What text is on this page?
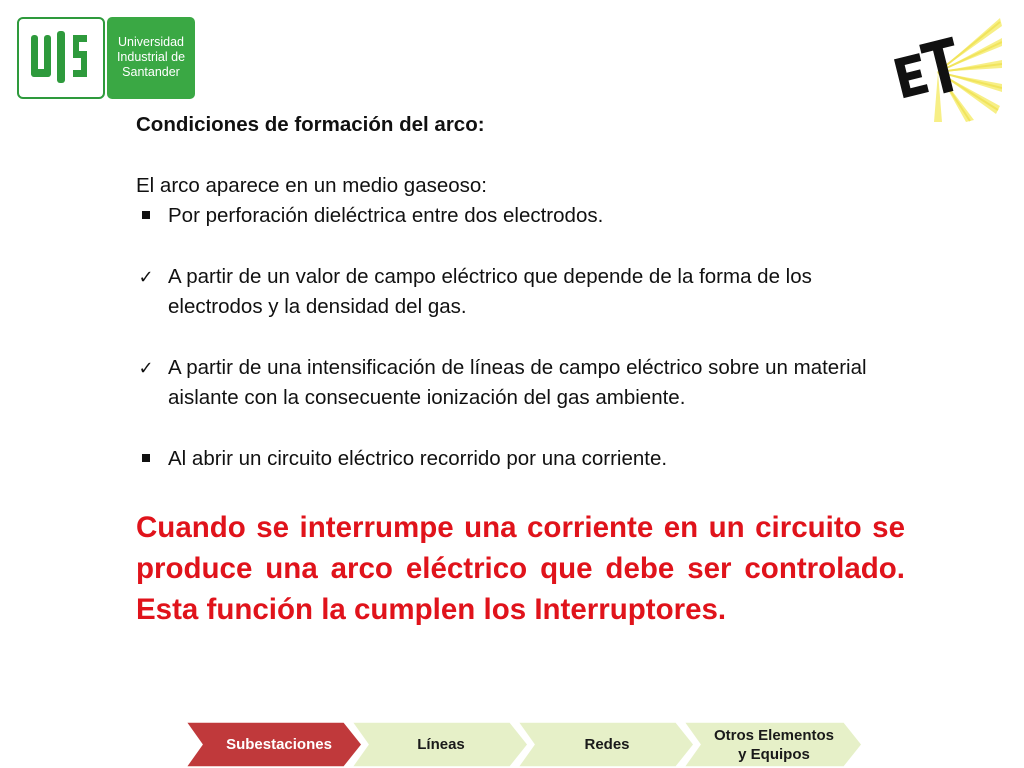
Universidad
Industrial de
Santander

Condiciones de formación del arco:

El arco aparece en un medio gaseoso:

Por perforación dieléctrica entre dos electrodos.

✓ A partir de un valor de campo eléctrico que depende de la forma de los electrodos y la densidad del gas.

✓ A partir de una intensificación de líneas de campo eléctrico sobre un material aislante con la consecuente ionización del gas ambiente.

Al abrir un circuito eléctrico recorrido por una corriente.

Cuando se interrumpe una corriente en un circuito se produce una arco eléctrico que debe ser controlado. Esta función la cumplen los Interruptores.

Subestaciones	Líneas	Redes
Otros Elementos
y Equipos
